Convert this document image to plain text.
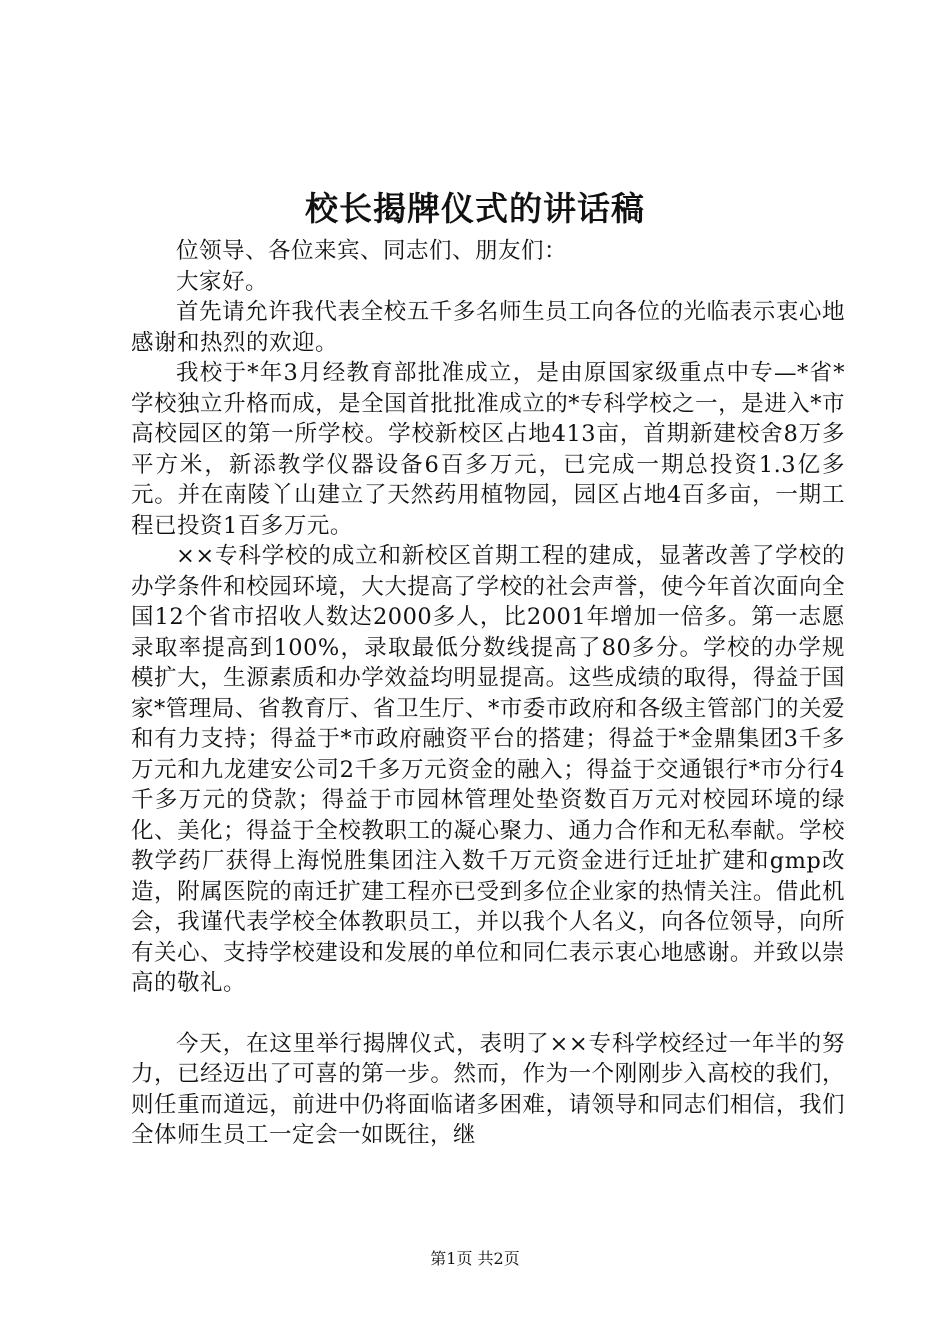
校长揭牌仪式的讲话稿

位领导、各位来宾、同志们、朋友们：

大家好。

首先请允许我代表全校五千多名师生员工向各位的光临表示衷心地感谢和热烈的欢迎。

我校于*年3月经教育部批准成立，是由原国家级重点中专—*省*学校独立升格而成，是全国首批批准成立的*专科学校之一，是进入*市高校园区的第一所学校。学校新校区占地413亩，首期新建校舍8万多平方米，新添教学仪器设备6百多万元，已完成一期总投资1.3亿多元。并在南陵丫山建立了天然药用植物园，园区占地4百多亩，一期工程已投资1百多万元。

××专科学校的成立和新校区首期工程的建成，显著改善了学校的办学条件和校园环境，大大提高了学校的社会声誉，使今年首次面向全国12个省市招收人数达2000多人，比2001年增加一倍多。第一志愿录取率提高到100%，录取最低分数线提高了80多分。学校的办学规模扩大，生源素质和办学效益均明显提高。这些成绩的取得，得益于国家*管理局、省教育厅、省卫生厅、*市委市政府和各级主管部门的关爱和有力支持；得益于*市政府融资平台的搭建；得益于*金鼎集团3千多万元和九龙建安公司2千多万元资金的融入；得益于交通银行*市分行4千多万元的贷款；得益于市园林管理处垫资数百万元对校园环境的绿化、美化；得益于全校教职工的凝心聚力、通力合作和无私奉献。学校教学药厂获得上海悦胜集团注入数千万元资金进行迁址扩建和gmp改造，附属医院的南迁扩建工程亦已受到多位企业家的热情关注。借此机会，我谨代表学校全体教职员工，并以我个人名义，向各位领导，向所有关心、支持学校建设和发展的单位和同仁表示衷心地感谢。并致以崇高的敬礼。

今天，在这里举行揭牌仪式，表明了××专科学校经过一年半的努力，已经迈出了可喜的第一步。然而，作为一个刚刚步入高校的我们，则任重而道远，前进中仍将面临诸多困难，请领导和同志们相信，我们全体师生员工一定会一如既往，继

第1页 共2页
